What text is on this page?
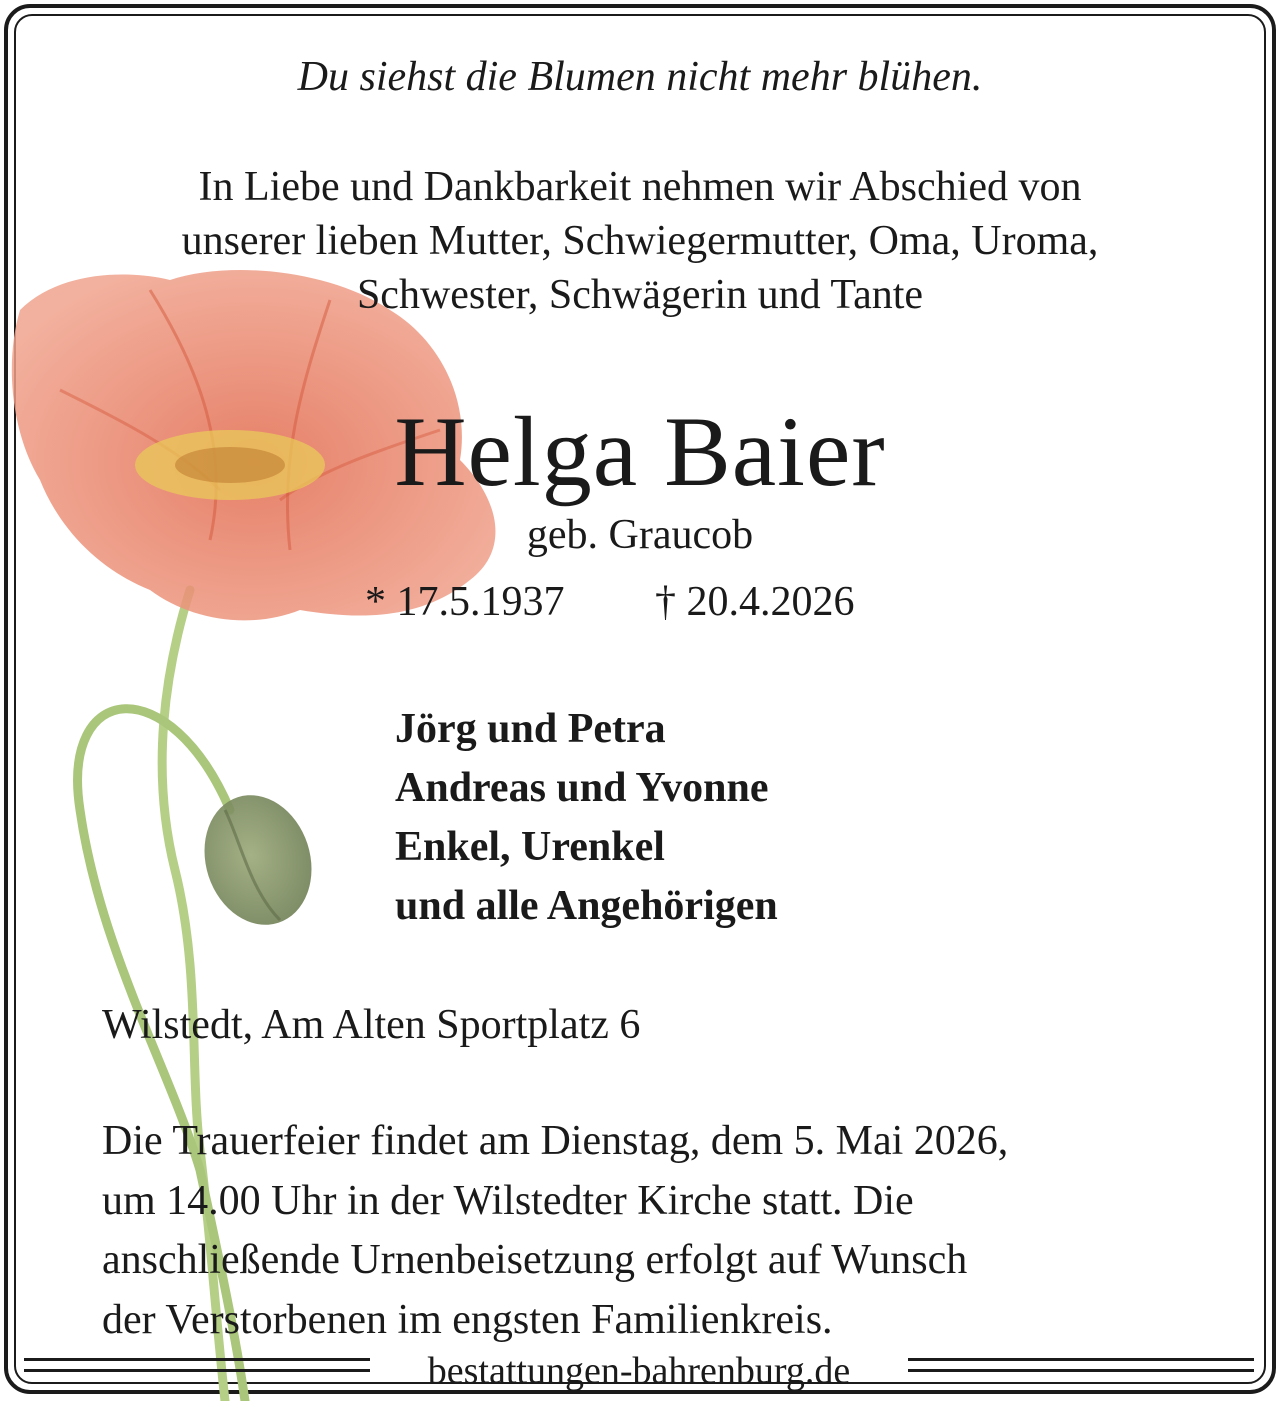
Du siehst die Blumen nicht mehr blühen.

In Liebe und Dankbarkeit nehmen wir Abschied von
unserer lieben Mutter, Schwiegermutter, Oma, Uroma,
Schwester, Schwägerin und Tante
Helga Baier

geb. Graucob

* 17.5.1937 † 20.4.2026
Jörg und Petra
Andreas und Yvonne
Enkel, Urenkel
und alle Angehörigen

Wilstedt, Am Alten Sportplatz 6

Die Trauerfeier findet am Dienstag, dem 5. Mai 2026,
um 14.00 Uhr in der Wilstedter Kirche statt. Die
anschließende Urnenbeisetzung erfolgt auf Wunsch
der Verstorbenen im engsten Familienkreis.

bestattungen-bahrenburg.de
